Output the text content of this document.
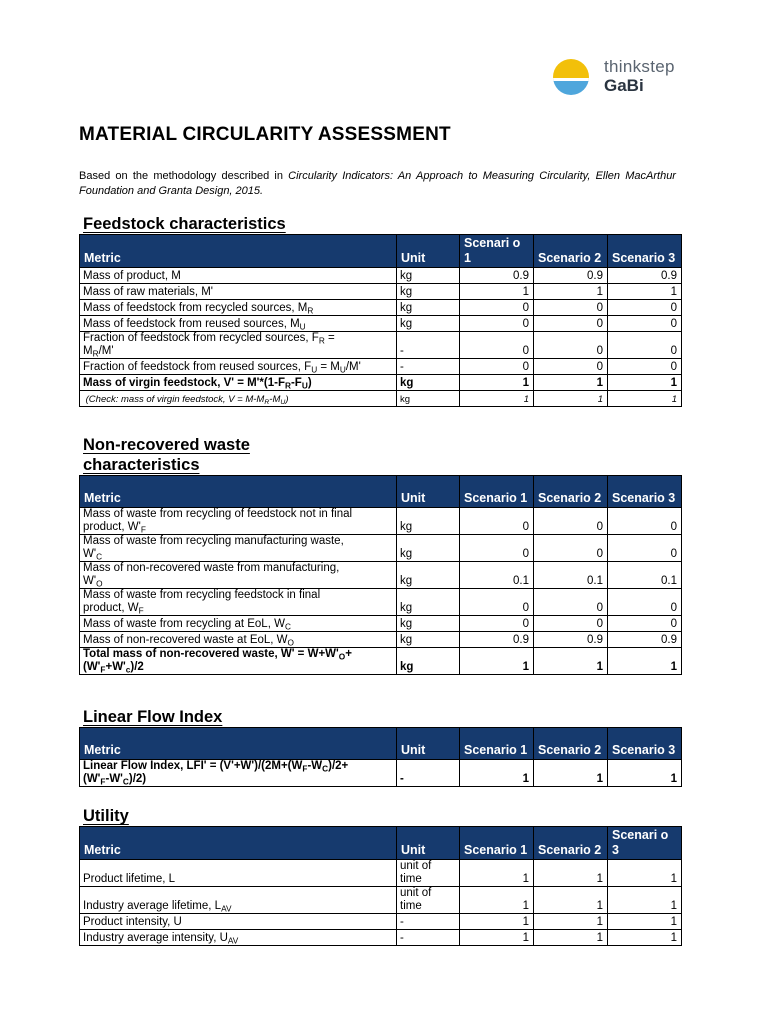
thinkstep
GaBi
MATERIAL CIRCULARITY ASSESSMENT
Based on the methodology described in Circularity Indicators: An Approach to Measuring Circularity, Ellen MacArthur Foundation and Granta Design, 2015.
Feedstock characteristics
Metric	Unit	Scenari o 1	Scenario 2	Scenario 3
Mass of product, M	kg	0.9	0.9	0.9
Mass of raw materials, M'	kg	1	1	1
Mass of feedstock from recycled sources, $M_R$	kg	0	0	0
Mass of feedstock from reused sources, $M_U$	kg	0	0	0
Fraction of feedstock from recycled sources, $F_R$ =
$M_R/M'$	-	0	0	0
Fraction of feedstock from reused sources, $F_U = M_U/M'$	-	0	0	0
Mass of virgin feedstock, $V' = M'*(1-F_R-F_U)$	kg	1	1	1
(Check: mass of virgin feedstock, $V = M-M_R-M_U$)	kg	1	1	1
Non-recovered waste
characteristics
Metric	Unit	Scenario 1	Scenario 2	Scenario 3
Mass of waste from recycling of feedstock not in final
product, $W'_F$	kg	0	0	0
Mass of waste from recycling manufacturing waste,
$W'_C$	kg	0	0	0
Mass of non-recovered waste from manufacturing,
$W'_O$	kg	0.1	0.1	0.1
Mass of waste from recycling feedstock in final
product, $W_F$	kg	0	0	0
Mass of waste from recycling at EoL, $W_C$	kg	0	0	0
Mass of non-recovered waste at EoL, $W_O$	kg	0.9	0.9	0.9
Total mass of non-recovered waste, $W' = W+W'_O+$
$(W'_F+W'_c)/2$	kg	1	1	1
Linear Flow Index
Metric	Unit	Scenario 1	Scenario 2	Scenario 3
Linear Flow Index, $LFI' = (V'+W')/(2M+(W_F-W_C)/2+$
$(W'_F-W'_C)/2$)	-	1	1	1
Utility
Metric	Unit	Scenario 1	Scenario 2	Scenari o 3
Product lifetime, L	unit of
time	1	1	1
Industry average lifetime, $L_{AV}$	unit of
time	1	1	1
Product intensity, U	-	1	1	1
Industry average intensity, $U_{AV}$	-	1	1	1
